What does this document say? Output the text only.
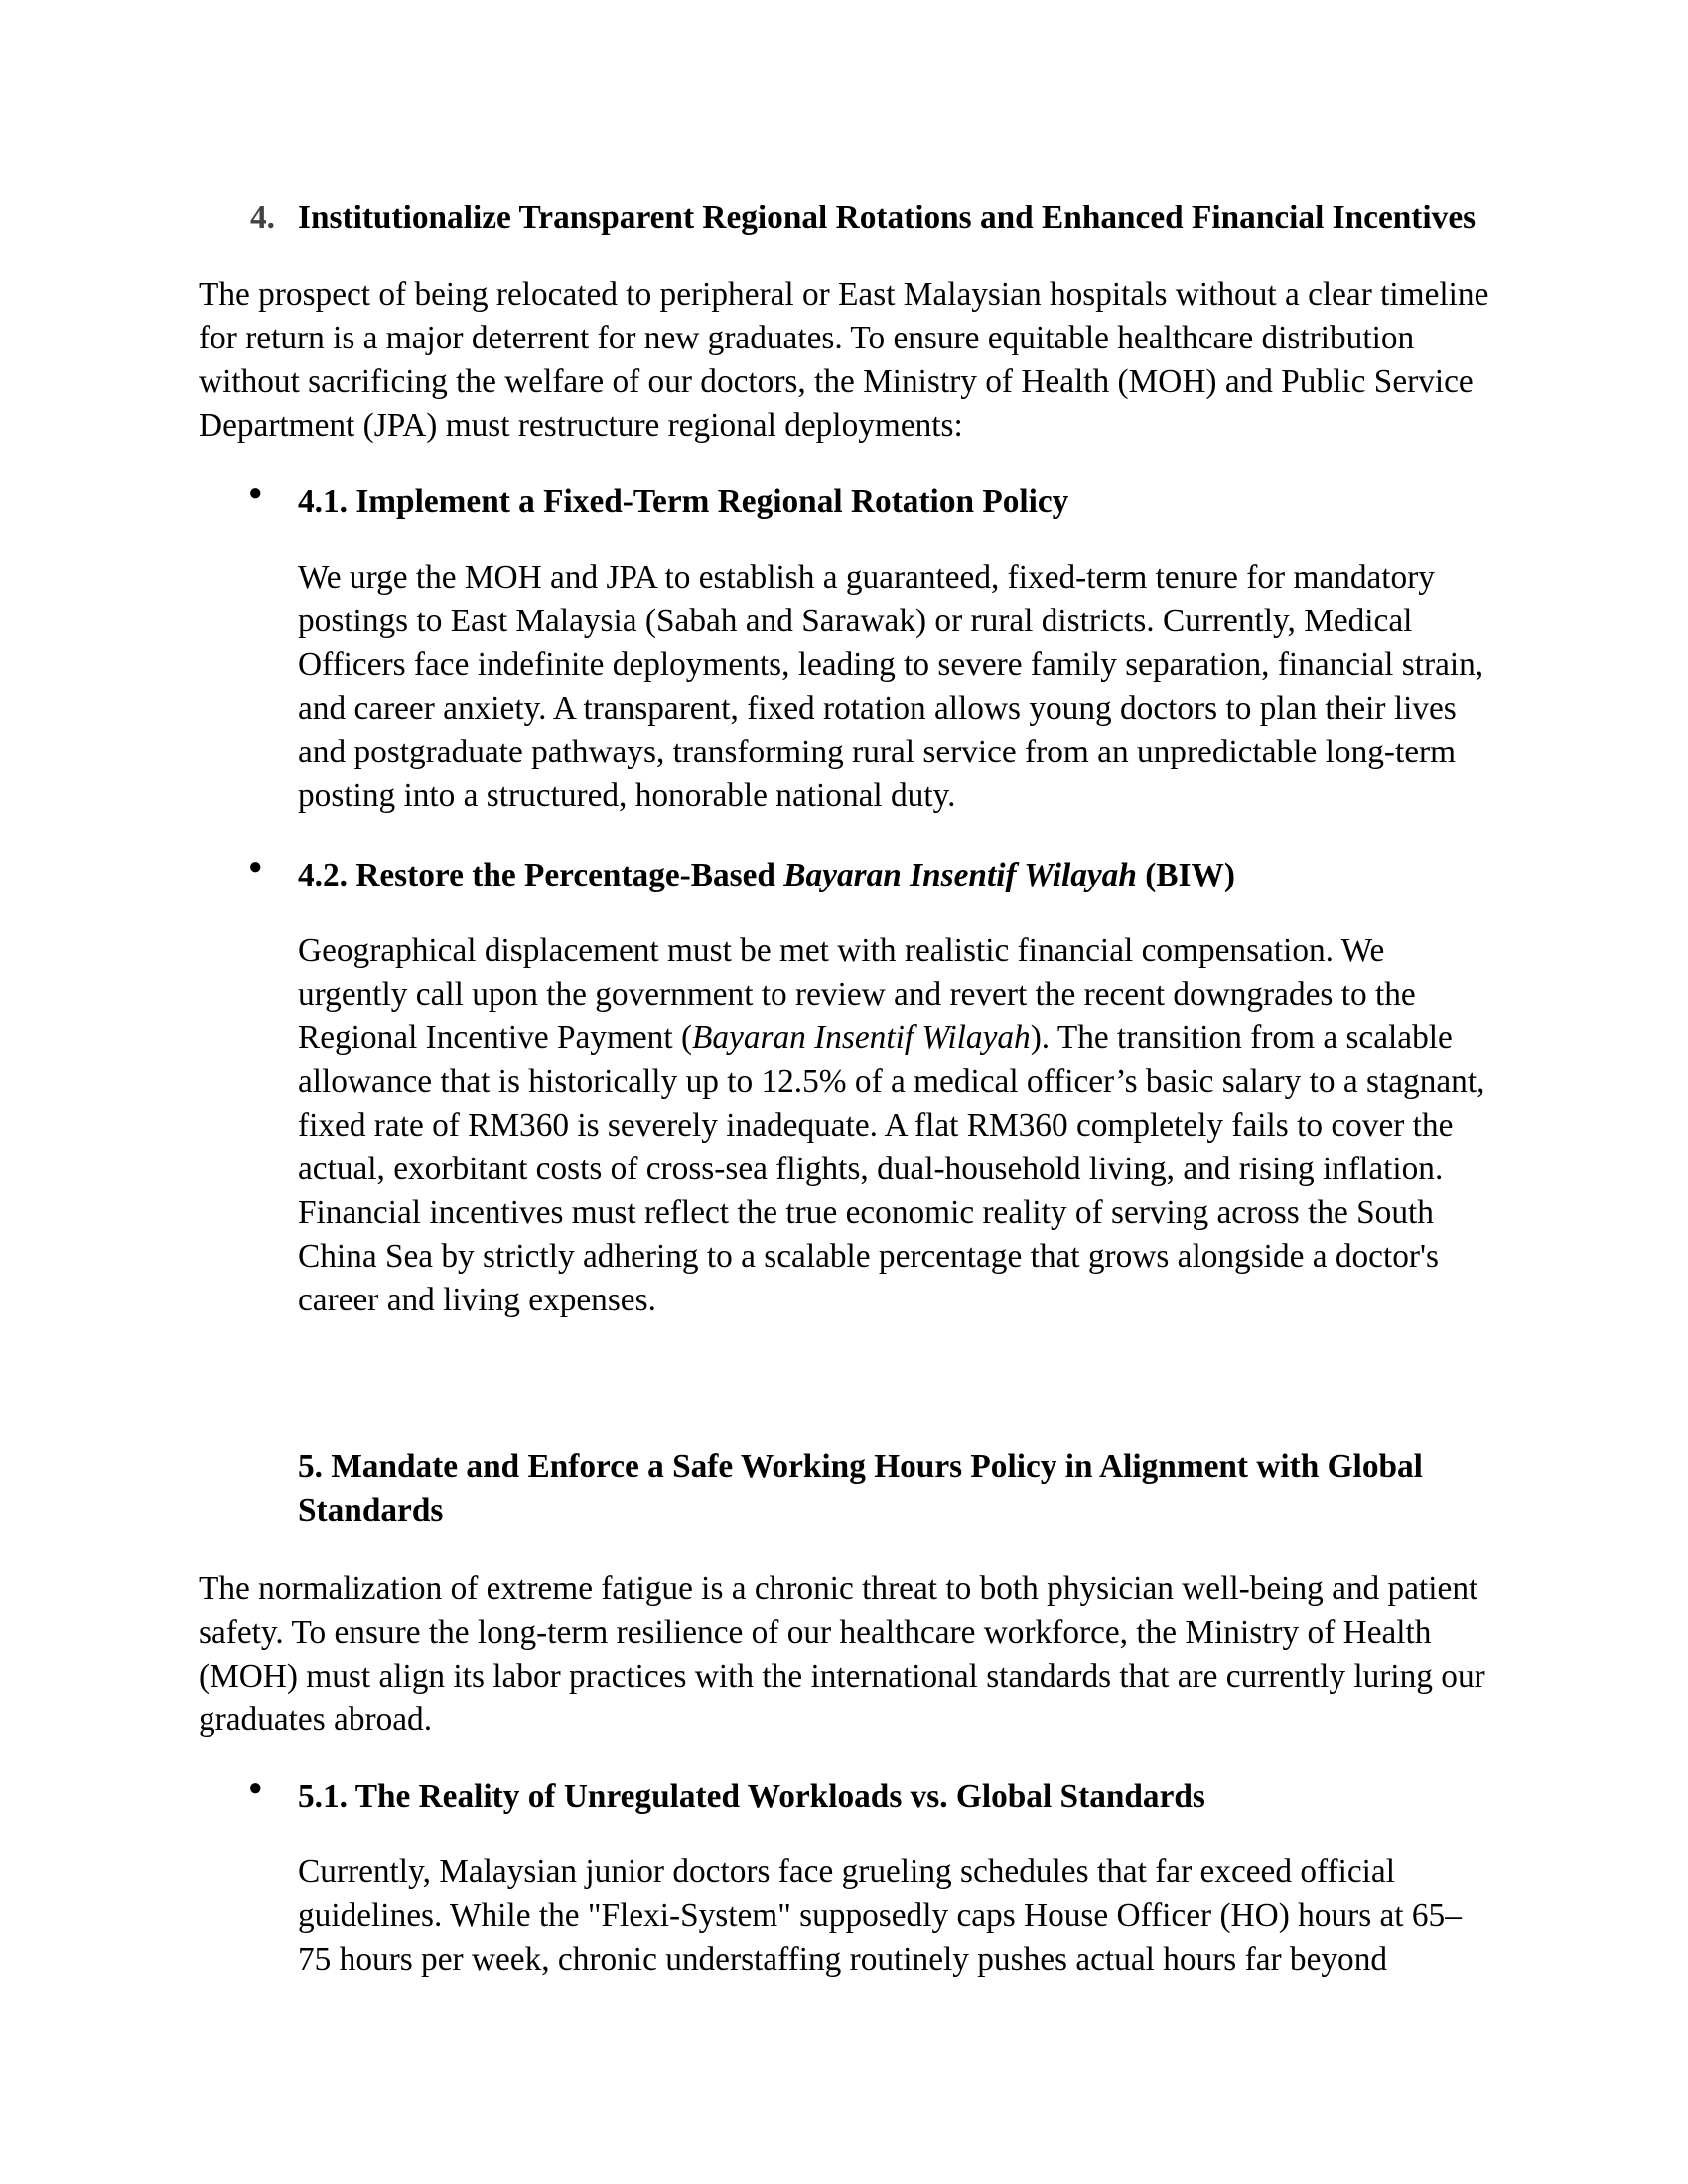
4. Institutionalize Transparent Regional Rotations and Enhanced Financial Incentives

The prospect of being relocated to peripheral or East Malaysian hospitals without a clear timeline for return is a major deterrent for new graduates. To ensure equitable healthcare distribution without sacrificing the welfare of our doctors, the Ministry of Health (MOH) and Public Service Department (JPA) must restructure regional deployments:

● 4.1. Implement a Fixed-Term Regional Rotation Policy

We urge the MOH and JPA to establish a guaranteed, fixed-term tenure for mandatory postings to East Malaysia (Sabah and Sarawak) or rural districts. Currently, Medical Officers face indefinite deployments, leading to severe family separation, financial strain, and career anxiety. A transparent, fixed rotation allows young doctors to plan their lives and postgraduate pathways, transforming rural service from an unpredictable long-term posting into a structured, honorable national duty.

● 4.2. Restore the Percentage-Based Bayaran Insentif Wilayah (BIW)

Geographical displacement must be met with realistic financial compensation. We urgently call upon the government to review and revert the recent downgrades to the Regional Incentive Payment (Bayaran Insentif Wilayah). The transition from a scalable allowance that is historically up to 12.5% of a medical officer’s basic salary to a stagnant, fixed rate of RM360 is severely inadequate. A flat RM360 completely fails to cover the actual, exorbitant costs of cross-sea flights, dual-household living, and rising inflation. Financial incentives must reflect the true economic reality of serving across the South China Sea by strictly adhering to a scalable percentage that grows alongside a doctor's career and living expenses.

5. Mandate and Enforce a Safe Working Hours Policy in Alignment with Global Standards

The normalization of extreme fatigue is a chronic threat to both physician well-being and patient safety. To ensure the long-term resilience of our healthcare workforce, the Ministry of Health (MOH) must align its labor practices with the international standards that are currently luring our graduates abroad.

● 5.1. The Reality of Unregulated Workloads vs. Global Standards

Currently, Malaysian junior doctors face grueling schedules that far exceed official guidelines. While the "Flexi-System" supposedly caps House Officer (HO) hours at 65–75 hours per week, chronic understaffing routinely pushes actual hours far beyond
